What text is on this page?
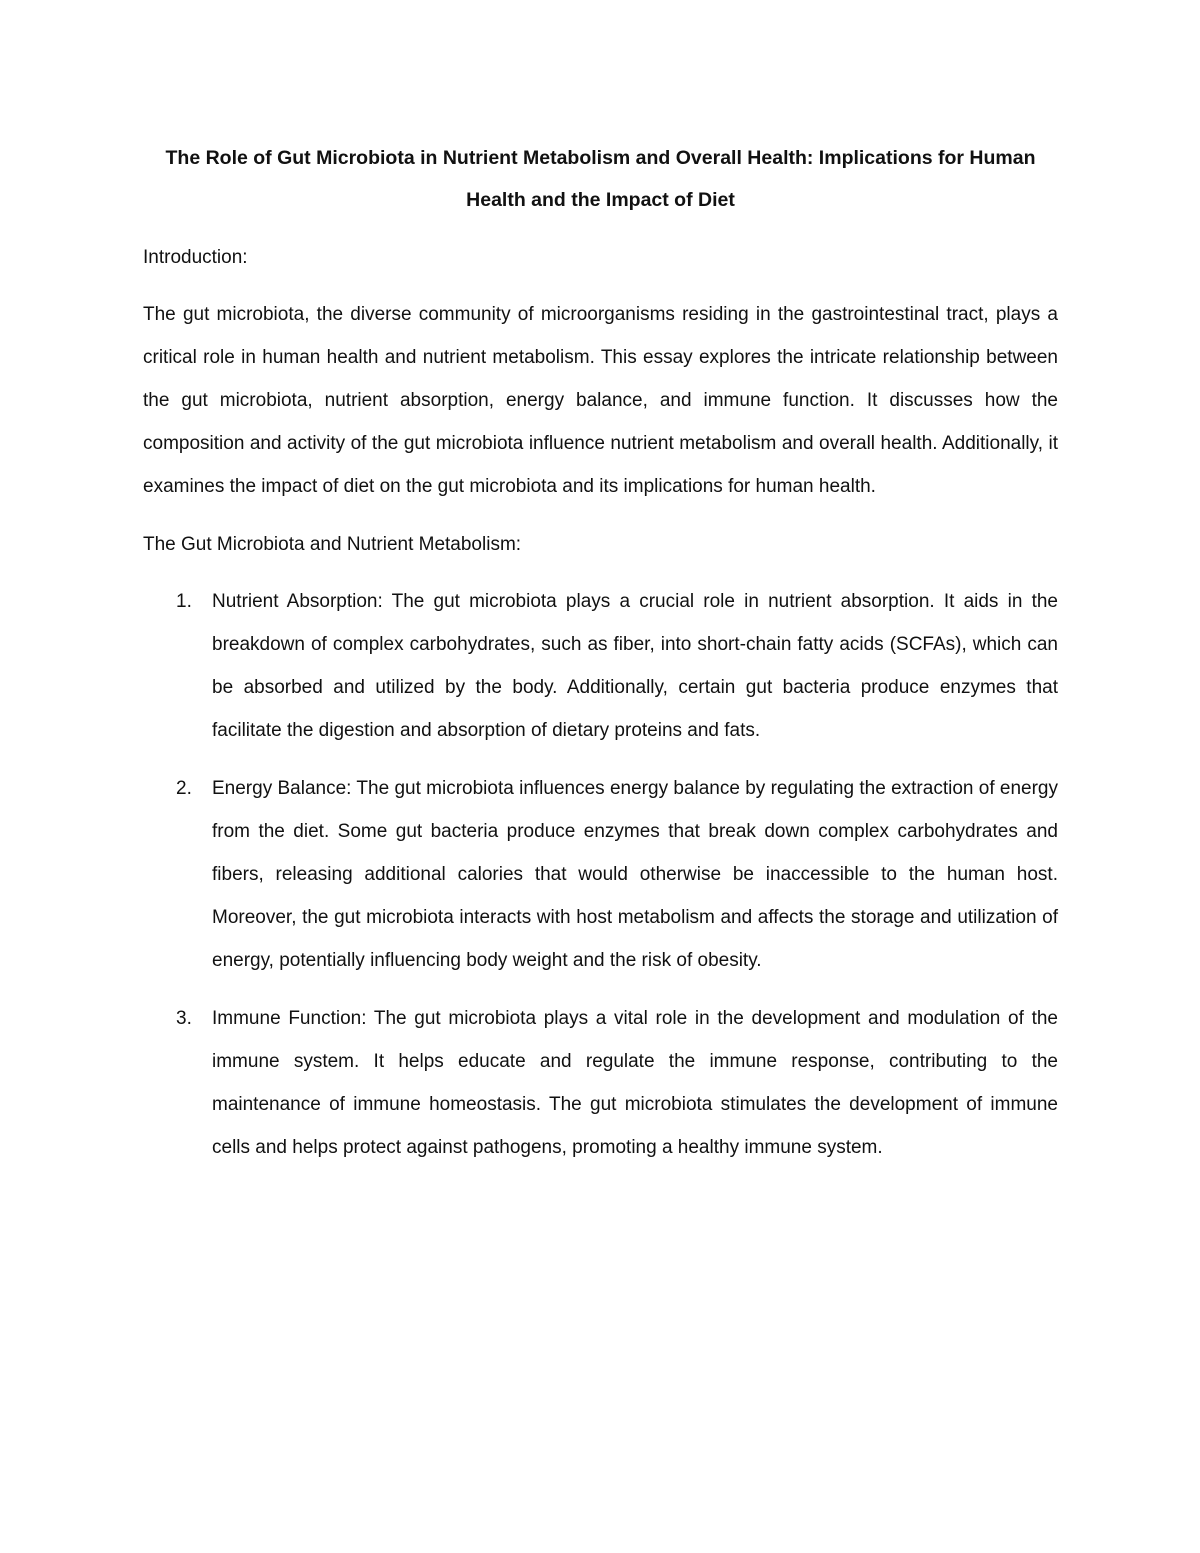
The Role of Gut Microbiota in Nutrient Metabolism and Overall Health: Implications for Human Health and the Impact of Diet

Introduction:

The gut microbiota, the diverse community of microorganisms residing in the gastrointestinal tract, plays a critical role in human health and nutrient metabolism. This essay explores the intricate relationship between the gut microbiota, nutrient absorption, energy balance, and immune function. It discusses how the composition and activity of the gut microbiota influence nutrient metabolism and overall health. Additionally, it examines the impact of diet on the gut microbiota and its implications for human health.

The Gut Microbiota and Nutrient Metabolism:

1. Nutrient Absorption: The gut microbiota plays a crucial role in nutrient absorption. It aids in the breakdown of complex carbohydrates, such as fiber, into short-chain fatty acids (SCFAs), which can be absorbed and utilized by the body. Additionally, certain gut bacteria produce enzymes that facilitate the digestion and absorption of dietary proteins and fats.
2. Energy Balance: The gut microbiota influences energy balance by regulating the extraction of energy from the diet. Some gut bacteria produce enzymes that break down complex carbohydrates and fibers, releasing additional calories that would otherwise be inaccessible to the human host. Moreover, the gut microbiota interacts with host metabolism and affects the storage and utilization of energy, potentially influencing body weight and the risk of obesity.
3. Immune Function: The gut microbiota plays a vital role in the development and modulation of the immune system. It helps educate and regulate the immune response, contributing to the maintenance of immune homeostasis. The gut microbiota stimulates the development of immune cells and helps protect against pathogens, promoting a healthy immune system.
